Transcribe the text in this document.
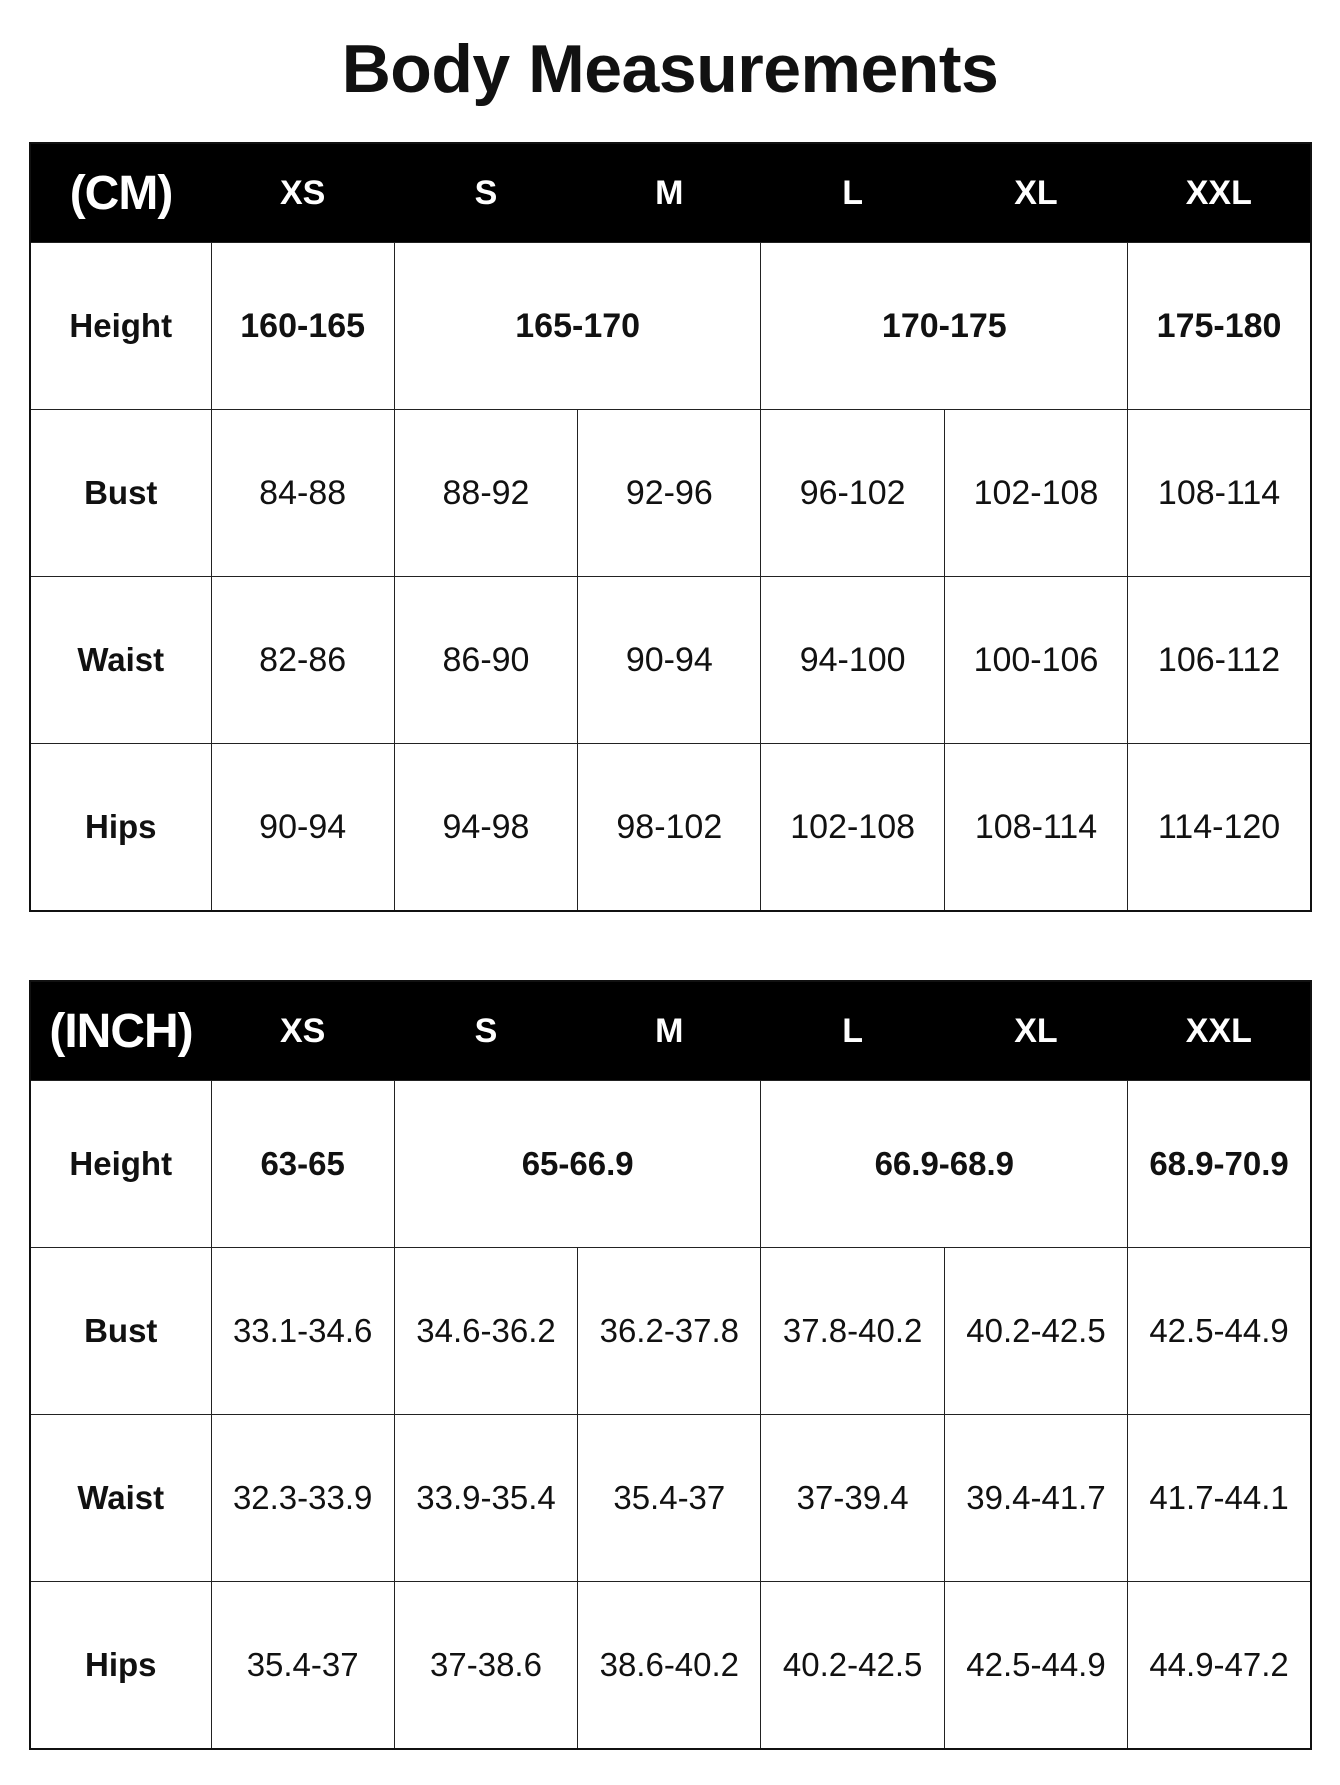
Body Measurements
(CM)	XS	S	M	L	XL	XXL
Height	160-165	165-170		170-175		175-180
Bust	84-88	88-92	92-96	96-102	102-108	108-114
Waist	82-86	86-90	90-94	94-100	100-106	106-112
Hips	90-94	94-98	98-102	102-108	108-114	114-120
(INCH)	XS	S	M	L	XL	XXL
Height	63-65	65-66.9		66.9-68.9		68.9-70.9
Bust	33.1-34.6	34.6-36.2	36.2-37.8	37.8-40.2	40.2-42.5	42.5-44.9
Waist	32.3-33.9	33.9-35.4	35.4-37	37-39.4	39.4-41.7	41.7-44.1
Hips	35.4-37	37-38.6	38.6-40.2	40.2-42.5	42.5-44.9	44.9-47.2
